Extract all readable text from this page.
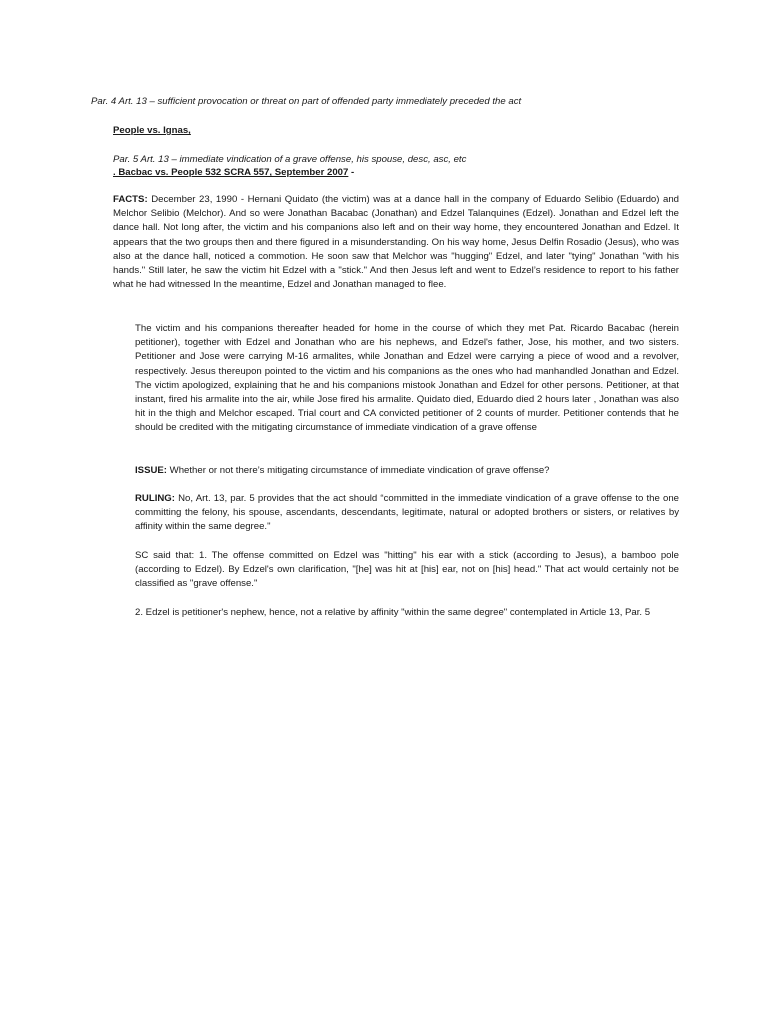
Par. 4 Art. 13 – sufficient provocation or threat on part of offended party immediately preceded the act
People vs. Ignas,
Par. 5 Art. 13 – immediate vindication of a grave offense, his spouse, desc, asc, etc
. Bacbac vs. People 532 SCRA 557, September 2007 -
FACTS: December 23, 1990 - Hernani Quidato (the victim) was at a dance hall in the company of Eduardo Selibio (Eduardo) and Melchor Selibio (Melchor). And so were Jonathan Bacabac (Jonathan) and Edzel Talanquines (Edzel). Jonathan and Edzel left the dance hall. Not long after, the victim and his companions also left and on their way home, they encountered Jonathan and Edzel. It appears that the two groups then and there figured in a misunderstanding. On his way home, Jesus Delfin Rosadio (Jesus), who was also at the dance hall, noticed a commotion. He soon saw that Melchor was "hugging" Edzel, and later "tying" Jonathan "with his hands." Still later, he saw the victim hit Edzel with a "stick." And then Jesus left and went to Edzel’s residence to report to his father what he had witnessed In the meantime, Edzel and Jonathan managed to flee.
The victim and his companions thereafter headed for home in the course of which they met Pat. Ricardo Bacabac (herein petitioner), together with Edzel and Jonathan who are his nephews, and Edzel's father, Jose, his mother, and two sisters. Petitioner and Jose were carrying M-16 armalites, while Jonathan and Edzel were carrying a piece of wood and a revolver, respectively. Jesus thereupon pointed to the victim and his companions as the ones who had manhandled Jonathan and Edzel. The victim apologized, explaining that he and his companions mistook Jonathan and Edzel for other persons. Petitioner, at that instant, fired his armalite into the air, while Jose fired his armalite. Quidato died, Eduardo died 2 hours later , Jonathan was also hit in the thigh and Melchor escaped. Trial court and CA convicted petitioner of 2 counts of murder. Petitioner contends that he should be credited with the mitigating circumstance of immediate vindication of a grave offense
ISSUE: Whether or not there’s mitigating circumstance of immediate vindication of grave offense?
RULING: No, Art. 13, par. 5 provides that the act should “committed in the immediate vindication of a grave offense to the one committing the felony, his spouse, ascendants, descendants, legitimate, natural or adopted brothers or sisters, or relatives by affinity within the same degree."
SC said that: 1. The offense committed on Edzel was "hitting" his ear with a stick (according to Jesus), a bamboo pole (according to Edzel). By Edzel's own clarification, "[he] was hit at [his] ear, not on [his] head." That act would certainly not be classified as "grave offense."
2. Edzel is petitioner's nephew, hence, not a relative by affinity "within the same degree" contemplated in Article 13, Par. 5
